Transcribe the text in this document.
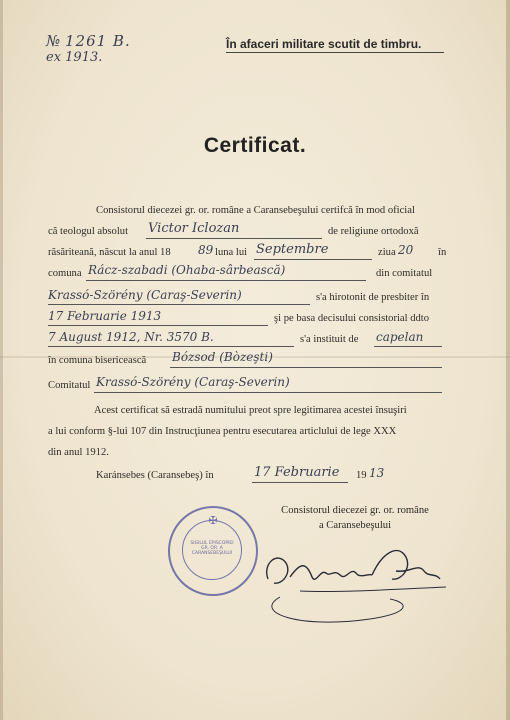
№ 1261 B.
ex 1913.
În afaceri militare scutit de timbru.
Certificat.
Consistorul diecezei gr. or. române a Caransebeşului certifcă în mod oficial
că teologul absolut Victor Iclozan	de religiune ortodoxă
răsăriteană, născut la anul 18 89 luna lui Septembre	ziua 20 în
comuna Rácz-szabadi (Ohaba-sârbească)	din comitatul
Krassó-Szörény (Caraş-Severin)	s'a hirotonit de presbiter în
17 Februarie 1913	şi pe basa decisului consistorial ddto
7 August 1912, Nr. 3570 B.	s'a instituit de capelan
în comuna bisericească Bózsod (Bòzeşti)
Comitatul Krassó-Szörény (Caraş-Severin)
Acest certificat să estradă numitului preot spre legitimarea acestei însuşiri
a lui conform §-lui 107 din Instrucţiunea pentru esecutarea articlului de lege XXX
din anul 1912.
Karánsebes (Caransebeş) în	17 Februarie 19 13
Consistorul diecezei gr. or. române
a Caransebeşului
✠
SIGILUL EPISCOPIEI GR. OR. A CARANSEBEŞULUI
